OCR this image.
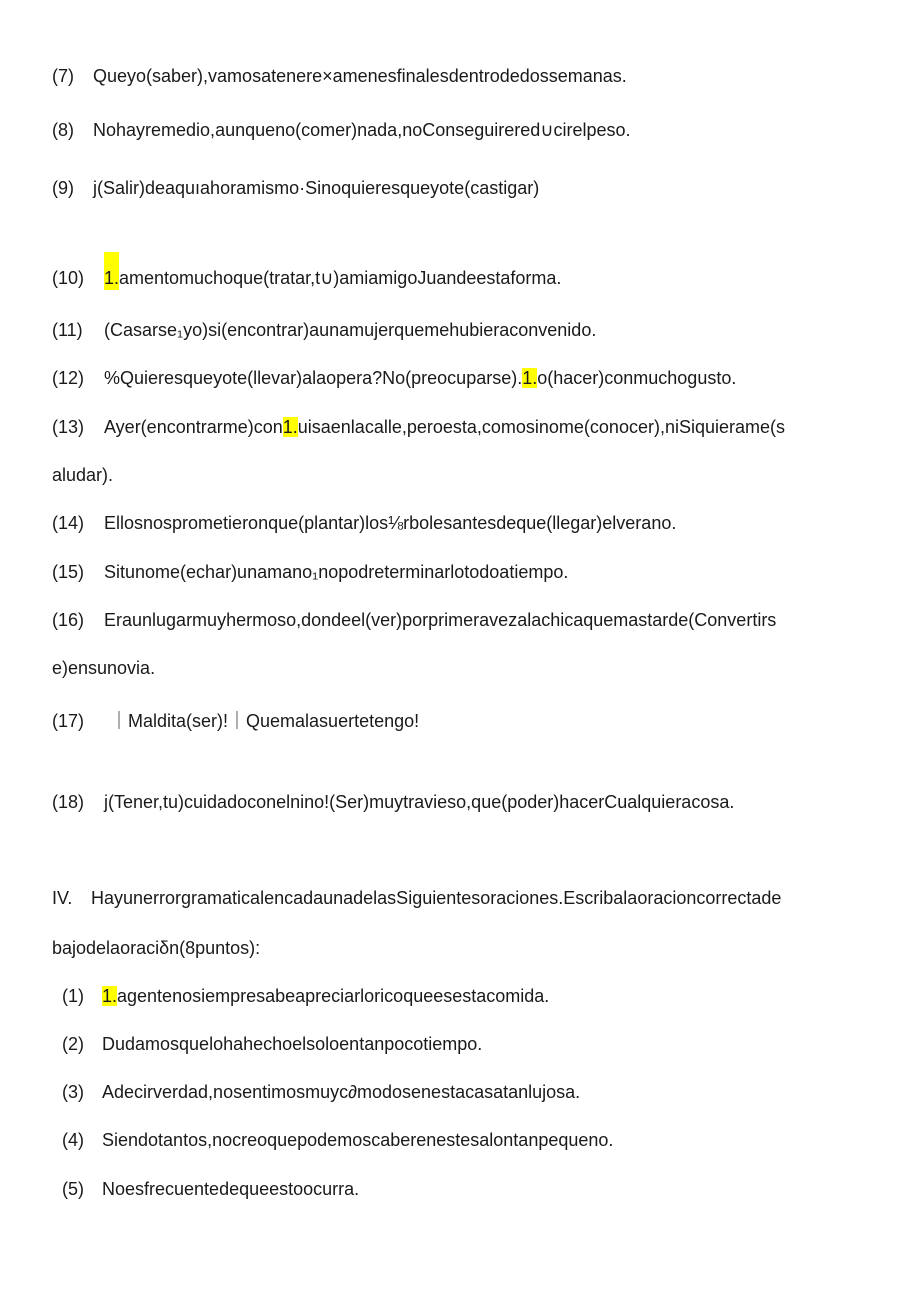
(7) Queyo(saber),vamosatenere×amenesfinalesdentrodedossemanas.
(8) Nohayremedio,aunqueno(comer)nada,noConseguirered∪cirelpeso.
(9) j(Salir)deaquıahoramismo·Sinoquieresqueyote(castigar)
(10) 1.amentomuchoque(tratar,t∪)amiamigoJuandeestaforma.
(11) (Casarse₁yo)si(encontrar)aunamujerquemehubieraconvenido.
(12) %Quieresqueyote(llevar)alaopera?No(preocuparse).1.o(hacer)conmuchogusto.
(13) Ayer(encontrarme)con1.uisaenlacalle,peroesta,comosinome(conocer),niSiquierame(s
aludar).
(14) Ellosnosprometieronque(plantar)los⅛rbolesantesdeque(llegar)elverano.
(15) Situnome(echar)unamano₁nopodreterminarlotodoatiempo.
(16) Eraunlugarmuyhermoso,dondeel(ver)porprimeravezalachicaquemastarde(Convertirs
e)ensunovia.
(17) ｜Maldita(ser)!｜Quemalasuertetengo!
(18) j(Tener,tu)cuidadoconelnino!(Ser)muytravieso,que(poder)hacerCualquieracosa.
IV. HayunerrorgramaticalencadaunadelasSiguientesoraciones.Escribalaoracioncorrectade
bajodelaoraciδn(8puntos):
(1) 1.agentenosiempresabeapreciarloricoqueesestacomida.
(2) Dudamosquelohahechoelsoloentanpocotiempo.
(3) Adecirverdad,nosentimosmuyc∂modosenestacasatanlujosa.
(4) Siendotantos,nocreoquepodemoscaberenestesalontanpequeno.
(5) Noesfrecuentedequeestoocurra.
